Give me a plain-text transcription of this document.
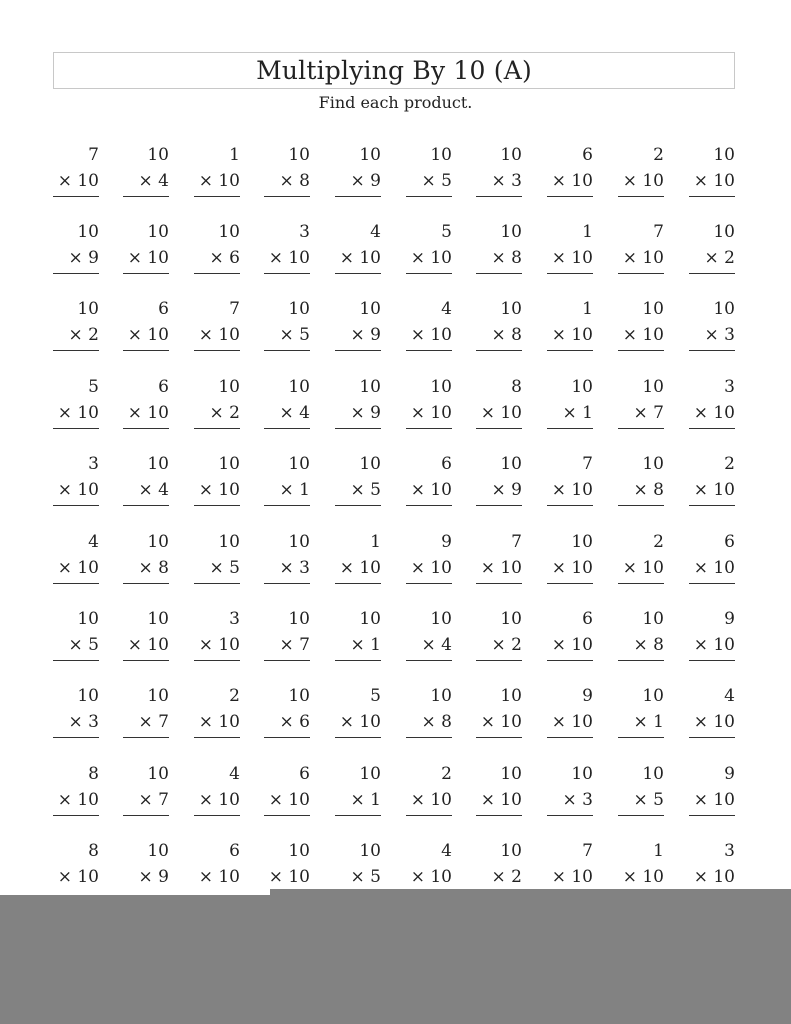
Multiplying By 10 (A)
Find each product.
7
× 10
10
× 4
1
× 10
10
× 8
10
× 9
10
× 5
10
× 3
6
× 10
2
× 10
10
× 10
10
× 9
10
× 10
10
× 6
3
× 10
4
× 10
5
× 10
10
× 8
1
× 10
7
× 10
10
× 2
10
× 2
6
× 10
7
× 10
10
× 5
10
× 9
4
× 10
10
× 8
1
× 10
10
× 10
10
× 3
5
× 10
6
× 10
10
× 2
10
× 4
10
× 9
10
× 10
8
× 10
10
× 1
10
× 7
3
× 10
3
× 10
10
× 4
10
× 10
10
× 1
10
× 5
6
× 10
10
× 9
7
× 10
10
× 8
2
× 10
4
× 10
10
× 8
10
× 5
10
× 3
1
× 10
9
× 10
7
× 10
10
× 10
2
× 10
6
× 10
10
× 5
10
× 10
3
× 10
10
× 7
10
× 1
10
× 4
10
× 2
6
× 10
10
× 8
9
× 10
10
× 3
10
× 7
2
× 10
10
× 6
5
× 10
10
× 8
10
× 10
9
× 10
10
× 1
4
× 10
8
× 10
10
× 7
4
× 10
6
× 10
10
× 1
2
× 10
10
× 10
10
× 3
10
× 5
9
× 10
8
× 10
10
× 9
6
× 10
10
× 10
10
× 5
4
× 10
10
× 2
7
× 10
1
× 10
3
× 10
